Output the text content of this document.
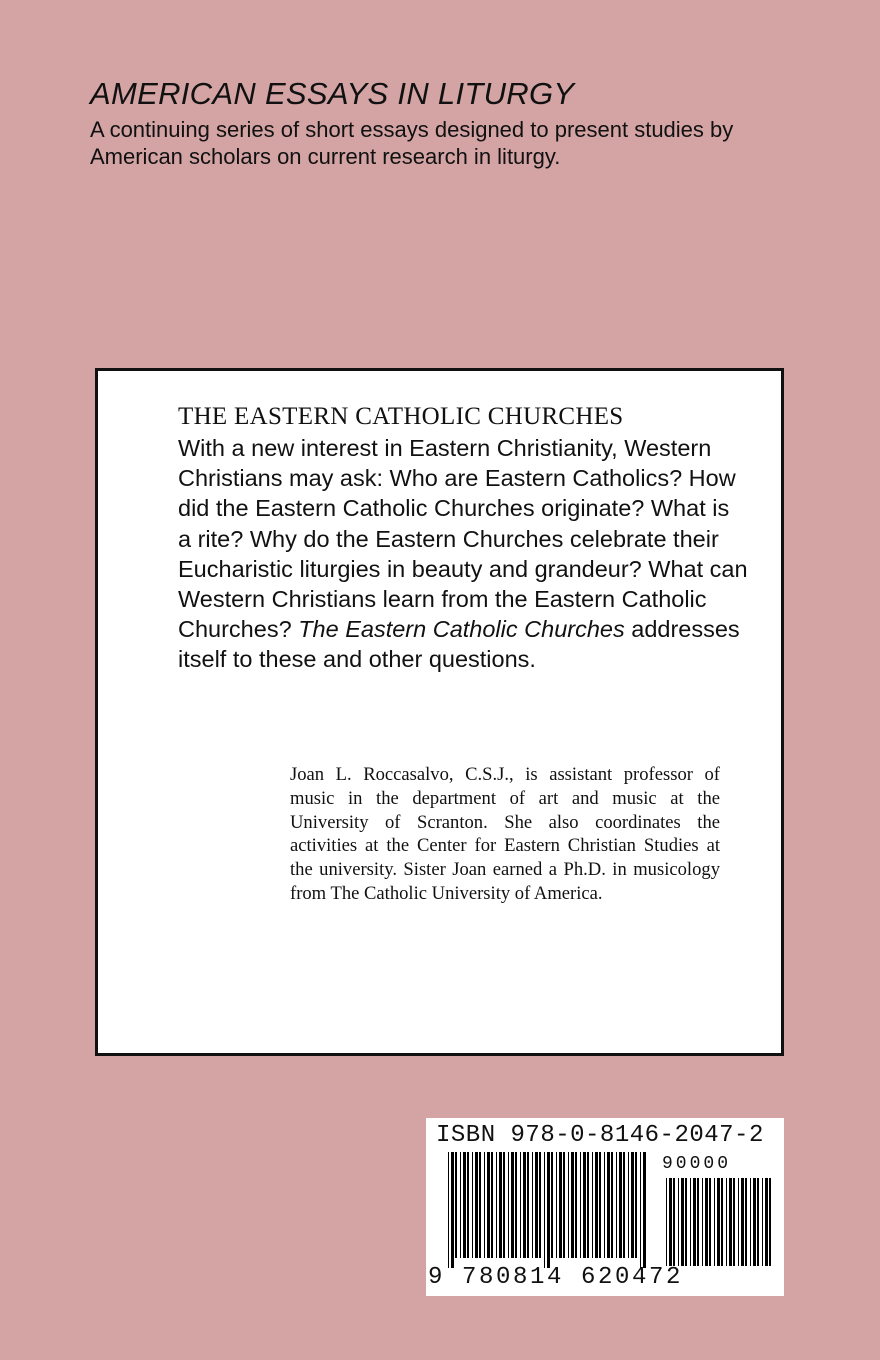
AMERICAN ESSAYS IN LITURGY

A continuing series of short essays designed to present studies by American scholars on current research in liturgy.

THE EASTERN CATHOLIC CHURCHES

With a new interest in Eastern Christianity, Western Christians may ask: Who are Eastern Catholics? How did the Eastern Catholic Churches originate? What is a rite? Why do the Eastern Churches celebrate their Eucharistic liturgies in beauty and grandeur? What can Western Christians learn from the Eastern Catholic Churches? The Eastern Catholic Churches addresses itself to these and other questions.

Joan L. Roccasalvo, C.S.J., is assistant professor of music in the department of art and music at the University of Scranton. She also coordinates the activities at the Center for Eastern Christian Studies at the university. Sister Joan earned a Ph.D. in musicology from The Catholic University of America.

ISBN 978-0-8146-2047-2
90000
9 780814 620472
